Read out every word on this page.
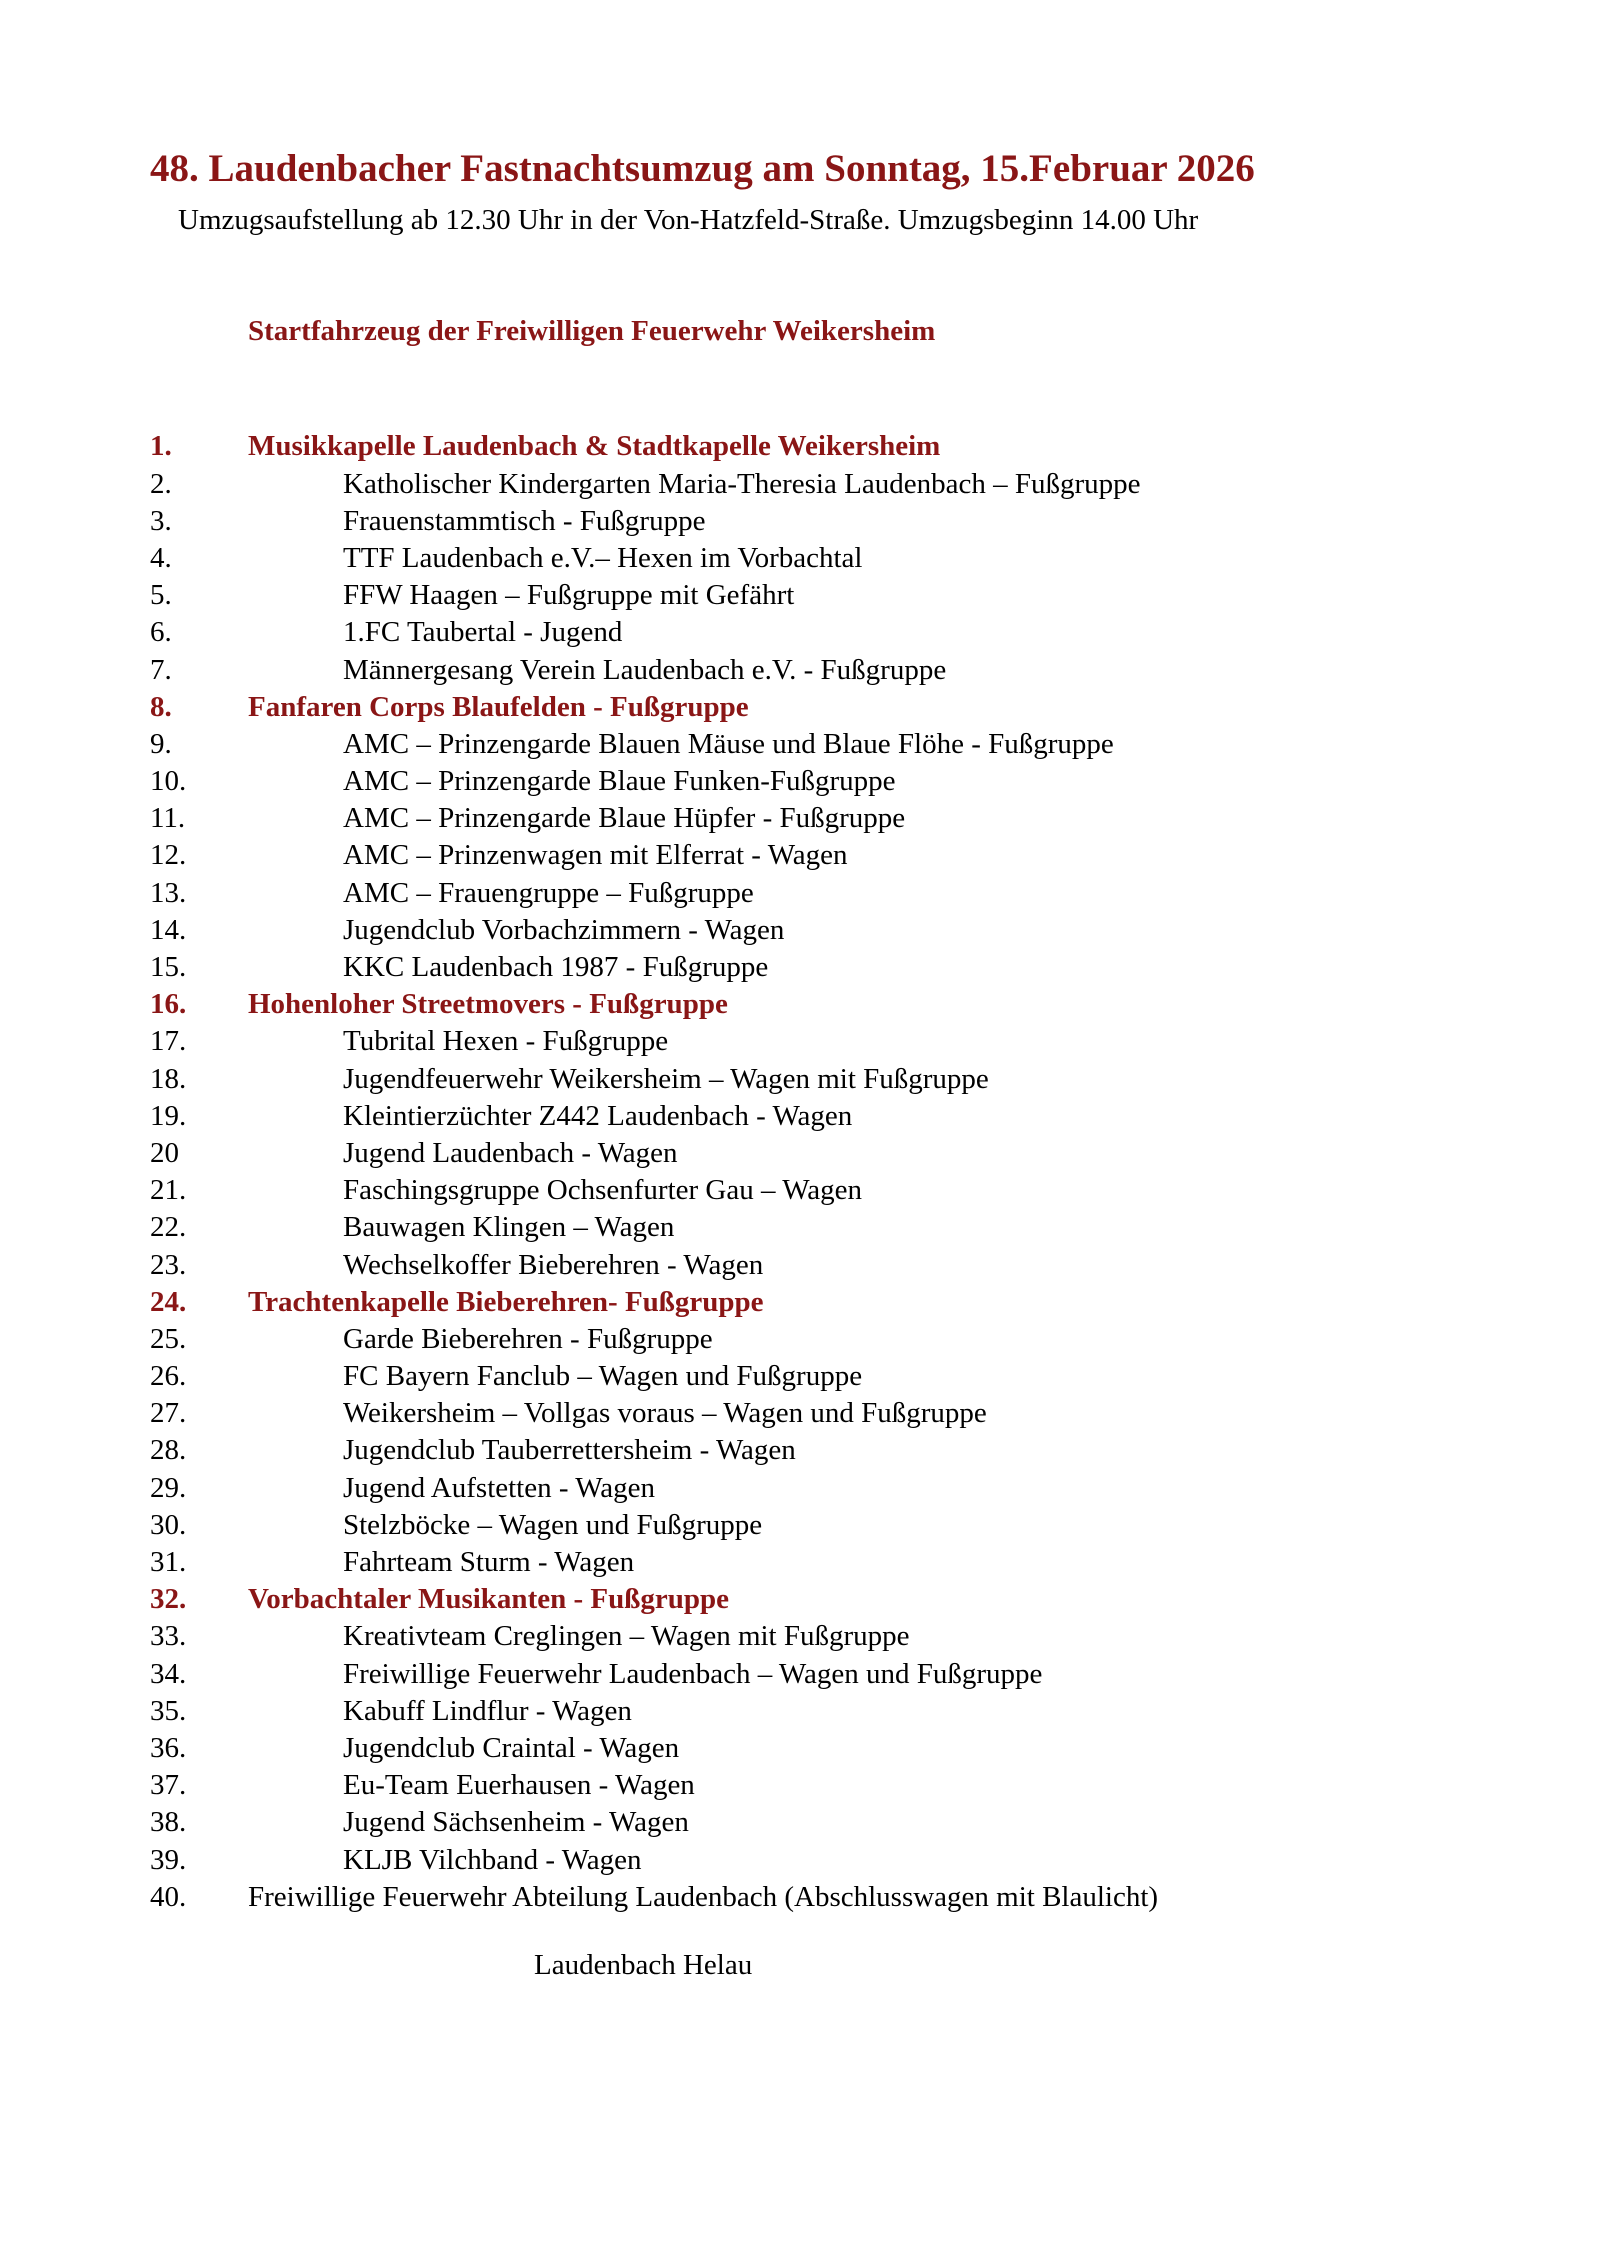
48. Laudenbacher Fastnachtsumzug am Sonntag, 15.Februar 2026
Umzugsaufstellung ab 12.30 Uhr in der Von-Hatzfeld-Straße. Umzugsbeginn 14.00 Uhr
Startfahrzeug der Freiwilligen Feuerwehr Weikersheim
1.	Musikkapelle Laudenbach & Stadtkapelle Weikersheim
2.	Katholischer Kindergarten Maria-Theresia Laudenbach – Fußgruppe
3.	Frauenstammtisch - Fußgruppe
4.	TTF Laudenbach e.V.– Hexen im Vorbachtal
5.	FFW Haagen – Fußgruppe mit Gefährt
6.	1.FC Taubertal - Jugend
7.	Männergesang Verein Laudenbach e.V. - Fußgruppe
8.	Fanfaren Corps Blaufelden - Fußgruppe
9.	AMC – Prinzengarde Blauen Mäuse und Blaue Flöhe - Fußgruppe
10.	AMC – Prinzengarde Blaue Funken-Fußgruppe
11.	AMC – Prinzengarde Blaue Hüpfer - Fußgruppe
12.	AMC – Prinzenwagen mit Elferrat - Wagen
13.	AMC – Frauengruppe – Fußgruppe
14.	Jugendclub Vorbachzimmern - Wagen
15.	KKC Laudenbach 1987 - Fußgruppe
16.	Hohenloher Streetmovers - Fußgruppe
17.	Tubrital Hexen - Fußgruppe
18.	Jugendfeuerwehr Weikersheim – Wagen mit Fußgruppe
19.	Kleintierzüchter Z442 Laudenbach - Wagen
20	Jugend Laudenbach - Wagen
21.	Faschingsgruppe Ochsenfurter Gau – Wagen
22.	Bauwagen Klingen – Wagen
23.	Wechselkoffer Bieberehren - Wagen
24.	Trachtenkapelle Bieberehren- Fußgruppe
25.	Garde Bieberehren - Fußgruppe
26.	FC Bayern Fanclub – Wagen und Fußgruppe
27.	Weikersheim – Vollgas voraus – Wagen und Fußgruppe
28.	Jugendclub Tauberrettersheim - Wagen
29.	Jugend Aufstetten - Wagen
30.	Stelzböcke – Wagen und Fußgruppe
31.	Fahrteam Sturm - Wagen
32.	Vorbachtaler Musikanten - Fußgruppe
33.	Kreativteam Creglingen – Wagen mit Fußgruppe
34.	Freiwillige Feuerwehr Laudenbach – Wagen und Fußgruppe
35.	Kabuff Lindflur - Wagen
36.	Jugendclub Craintal - Wagen
37.	Eu-Team Euerhausen - Wagen
38.	Jugend Sächsenheim - Wagen
39.	KLJB Vilchband - Wagen
40.	Freiwillige Feuerwehr Abteilung Laudenbach (Abschlusswagen mit Blaulicht)
Laudenbach Helau
